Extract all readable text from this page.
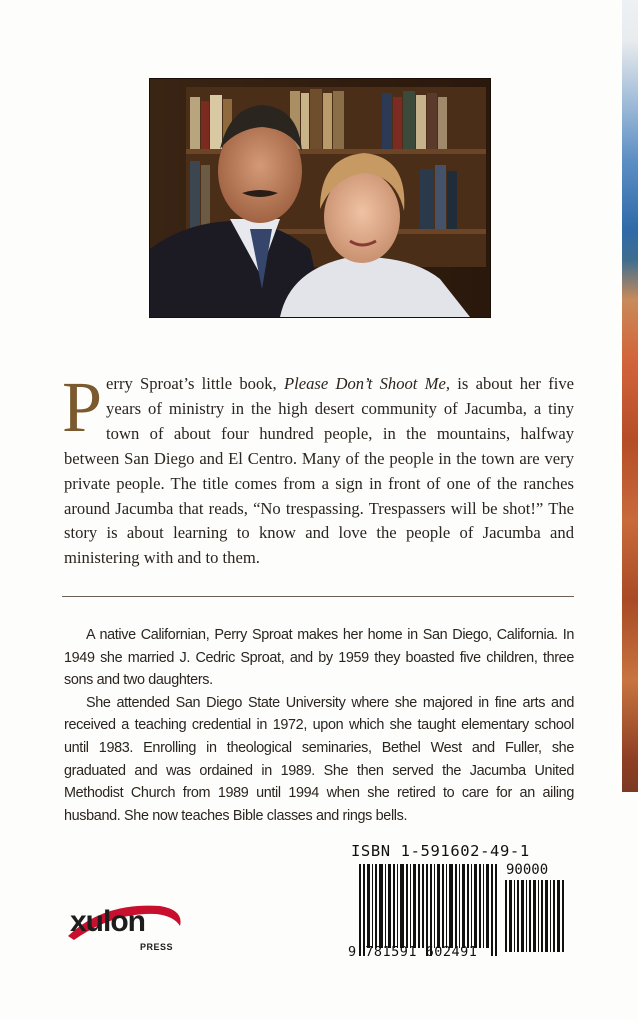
Perry Sproat’s little book, Please Don’t Shoot Me, is about her five years of ministry in the high desert community of Jacumba, a tiny town of about four hundred people, in the mountains, halfway between San Diego and El Centro. Many of the people in the town are very private people. The title comes from a sign in front of one of the ranches around Jacumba that reads, “No trespassing. Trespassers will be shot!” The story is about learning to know and love the people of Jacumba and ministering with and to them.

A native Californian, Perry Sproat makes her home in San Diego, California. In 1949 she married J. Cedric Sproat, and by 1959 they boasted five children, three sons and two daughters.

She attended San Diego State University where she majored in fine arts and received a teaching credential in 1972, upon which she taught elementary school until 1983. Enrolling in theological seminaries, Bethel West and Fuller, she graduated and was ordained in 1989. She then served the Jacumba United Methodist Church from 1989 until 1994 when she retired to care for an ailing husband. She now teaches Bible classes and rings bells.

ISBN 1-591602-49-1
90000
9 781591 602491
xulon
PRESS
